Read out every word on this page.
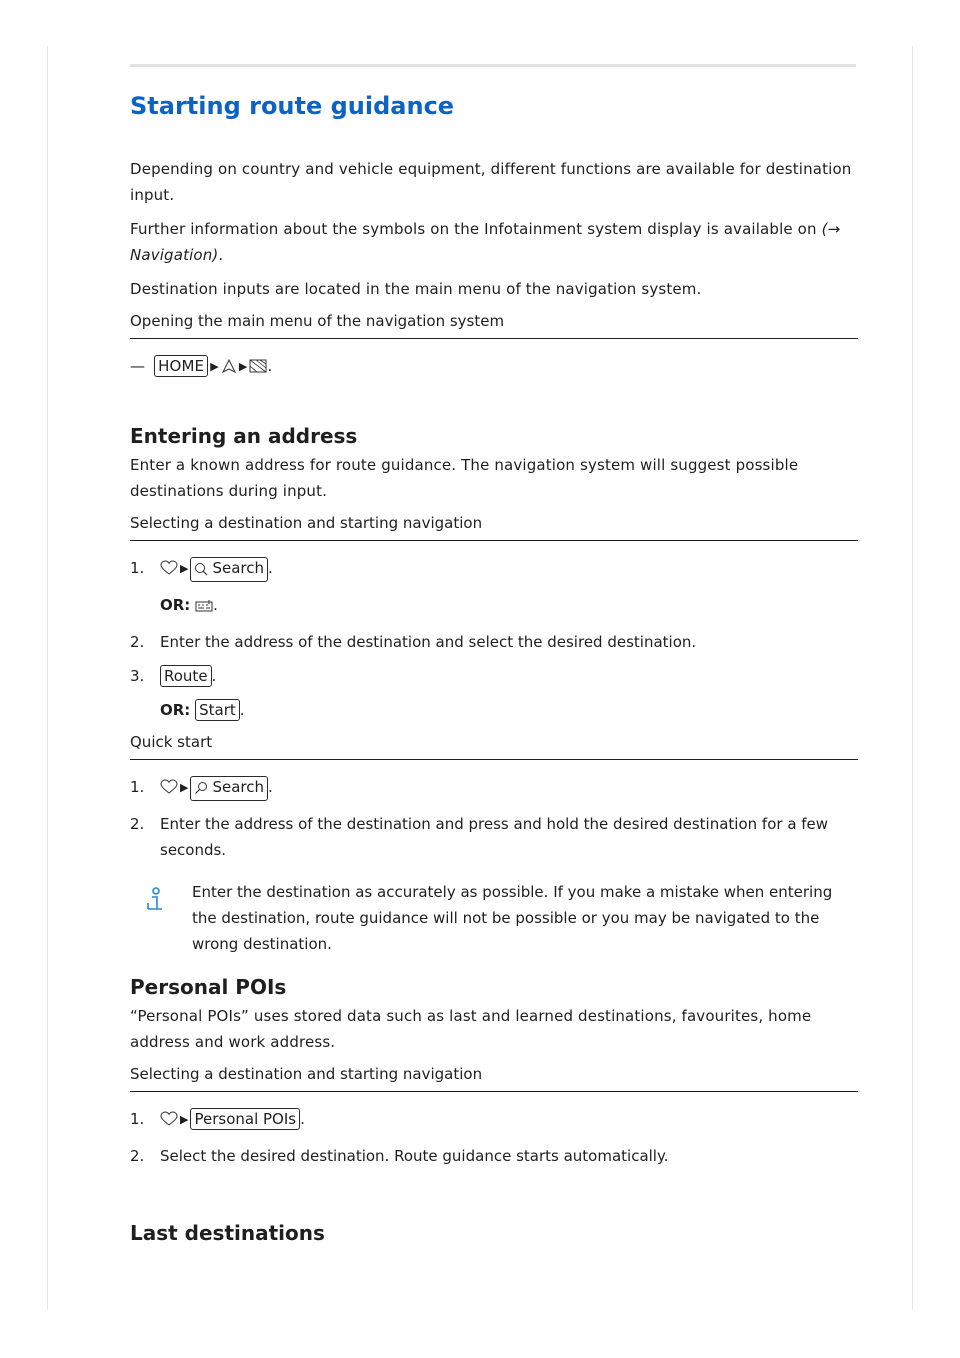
Starting route guidance

Depending on country and vehicle equipment, different functions are available for destination input.

Further information about the symbols on the Infotainment system display is available on (→ Navigation).

Destination inputs are located in the main menu of the navigation system.

Opening the main menu of the navigation system

— HOME ▶ ▶ .

Entering an address

Enter a known address for route guidance. The navigation system will suggest possible destinations during input.

Selecting a destination and starting navigation
1.	▶ Search .
OR: .
2. Enter the address of the destination and select the desired destination.
3. Route .
OR: Start .
Quick start
1.	▶ Search .
2. Enter the address of the destination and press and hold the desired destination for a few seconds.
Enter the destination as accurately as possible. If you make a mistake when entering the destination, route guidance will not be possible or you may be navigated to the wrong destination.
Personal POIs

“Personal POIs” uses stored data such as last and learned destinations, favourites, home address and work address.

Selecting a destination and starting navigation
1.	▶ Personal POIs .
2. Select the desired destination. Route guidance starts automatically.
Last destinations
